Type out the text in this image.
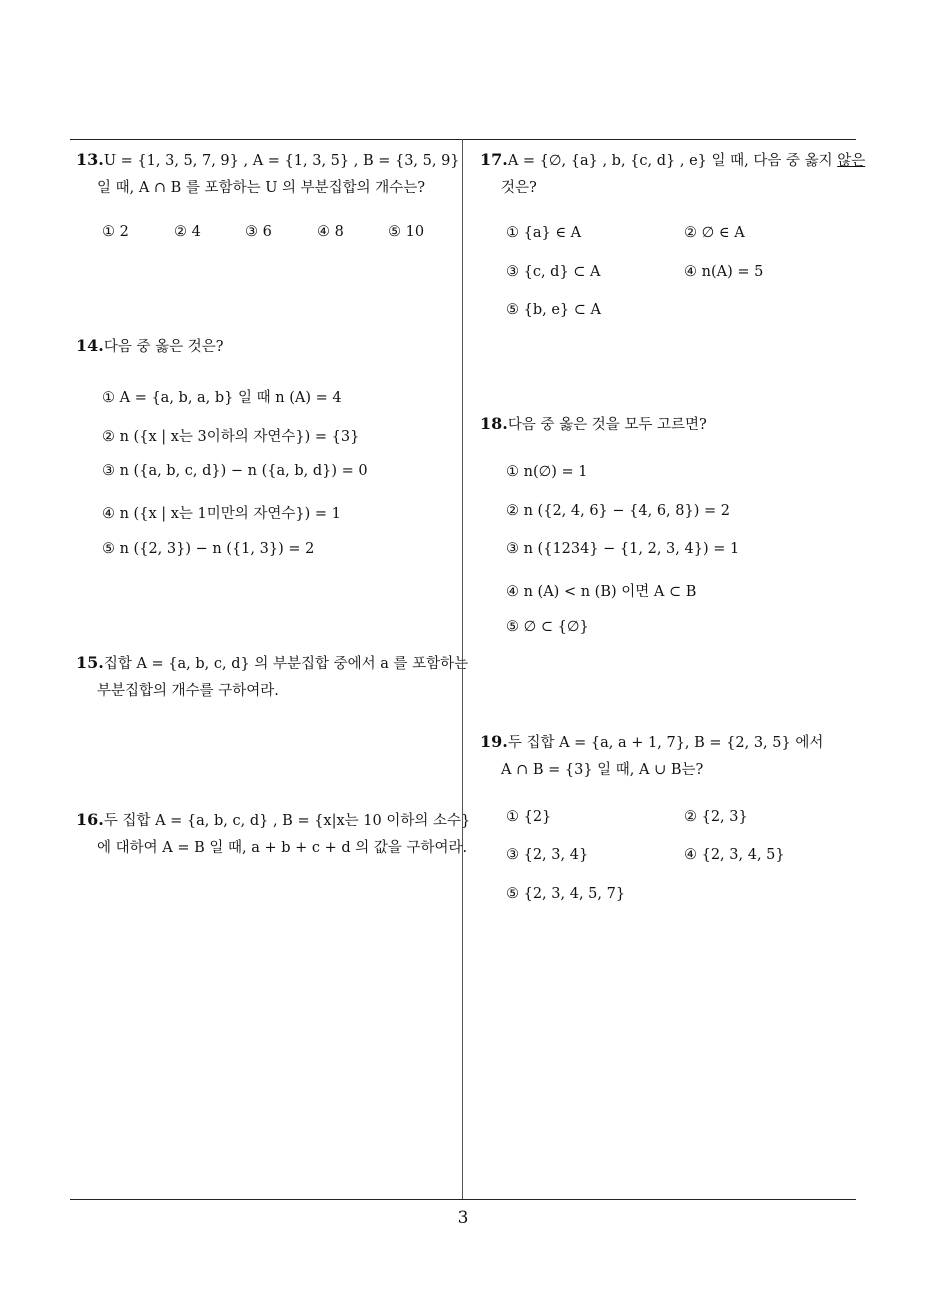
13.U = {1, 3, 5, 7, 9} , A = {1, 3, 5} , B = {3, 5, 9}
일 때, A ∩ B 를 포함하는 U 의 부분집합의 개수는?
① 2	② 4	③ 6	④ 8	⑤ 10
14.다음 중 옳은 것은?
① A = {a, b, a, b} 일 때 n (A) = 4
② n ({x | x는 3이하의 자연수}) = {3}
③ n ({a, b, c, d}) − n ({a, b, d}) = 0
④ n ({x | x는 1미만의 자연수}) = 1
⑤ n ({2, 3}) − n ({1, 3}) = 2
15.집합 A = {a, b, c, d} 의 부분집합 중에서 a 를 포함하는
부분집합의 개수를 구하여라.
16.두 집합 A = {a, b, c, d} , B = {x|x는 10 이하의 소수}
에 대하여 A = B 일 때, a + b + c + d 의 값을 구하여라.
17.A = {∅, {a} , b, {c, d} , e} 일 때, 다음 중 옳지 않은
것은?
① {a} ∈ A	② ∅ ∈ A
③ {c, d} ⊂ A	④ n(A) = 5
⑤ {b, e} ⊂ A
18.다음 중 옳은 것을 모두 고르면?
① n(∅) = 1
② n ({2, 4, 6} − {4, 6, 8}) = 2
③ n ({1234} − {1, 2, 3, 4}) = 1
④ n (A) < n (B) 이면 A ⊂ B
⑤ ∅ ⊂ {∅}
19.두 집합 A = {a, a + 1, 7}, B = {2, 3, 5} 에서
A ∩ B = {3} 일 때, A ∪ B는?
① {2}	② {2, 3}
③ {2, 3, 4}	④ {2, 3, 4, 5}
⑤ {2, 3, 4, 5, 7}
3
